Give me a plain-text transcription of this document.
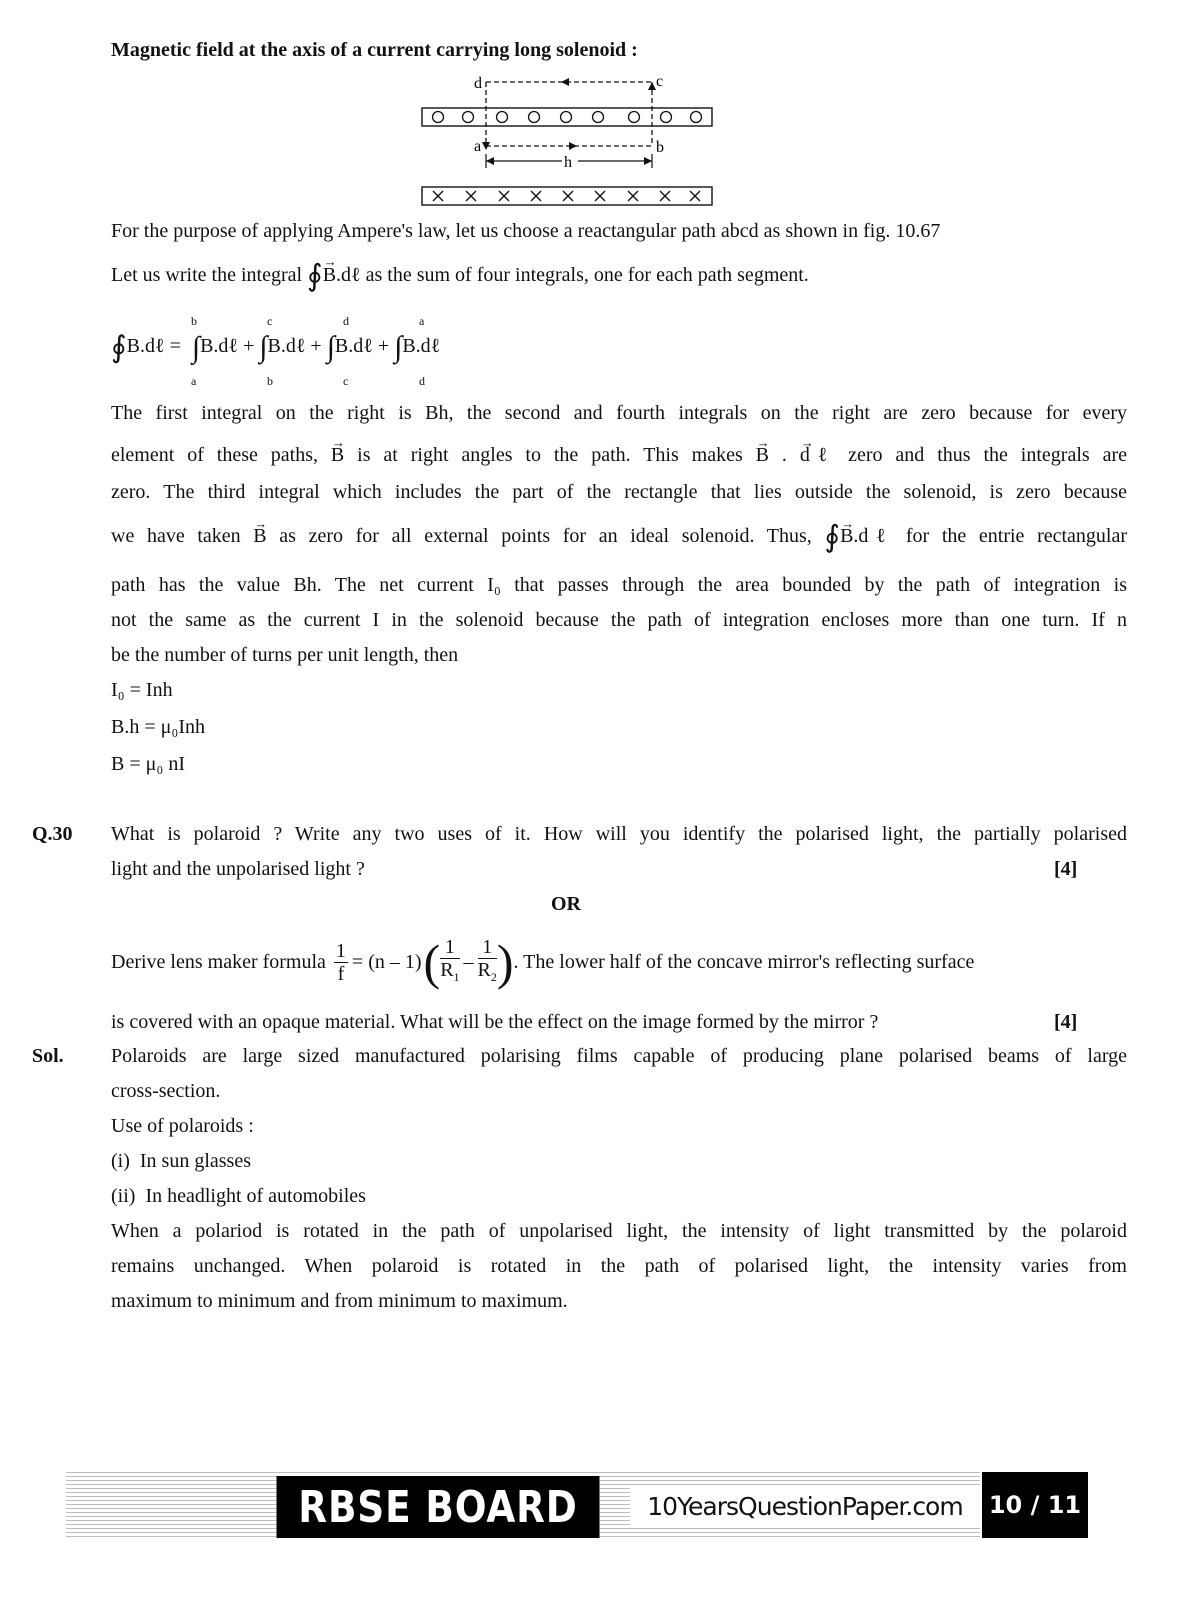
Magnetic field at the axis of a current carrying long solenoid :
d	c
a	b
h
For the purpose of applying Ampere's law, let us choose a reactangular path abcd as shown in fig. 10.67
Let us write the integral ∮→ B.dℓ as the sum of four integrals, one for each path segment.
∮B.dℓ = ∫B.dℓ + ∫B.dℓ + ∫B.dℓ + ∫B.dℓ
b
a
c
b
d
c
a
d
The first integral on the right is Bh, the second and fourth integrals on the right are zero because for every
element of these paths, → B is at right angles to the path. This makes → B . → dℓ zero and thus the integrals are
zero. The third integral which includes the part of the rectangle that lies outside the solenoid, is zero because
we have taken → B as zero for all external points for an ideal solenoid. Thus, ∮→ B.dℓ for the entrie rectangular
path has the value Bh. The net current I₀ that passes through the area bounded by the path of integration is
not the same as the current I in the solenoid because the path of integration encloses more than one turn. If n
be the number of turns per unit length, then
I₀ = Inh
B.h = μ₀Inh
B = μ₀ nI
Q.30 What is polaroid ? Write any two uses of it. How will you identify the polarised light, the partially polarised
light and the unpolarised light ?	[4]
OR
Derive lens maker formula $\frac{1}{f} = (n - 1)$ ( $\frac{1}{R_1} - \frac{1}{R_2}$ ) . The lower half of the concave mirror's reflecting surface
is covered with an opaque material. What will be the effect on the image formed by the mirror ?	[4]
Sol. Polaroids are large sized manufactured polarising films capable of producing plane polarised beams of large
cross-section.
Use of polaroids :
(i) In sun glasses
(ii) In headlight of automobiles
When a polariod is rotated in the path of unpolarised light, the intensity of light transmitted by the polaroid
remains unchanged. When polaroid is rotated in the path of polarised light, the intensity varies from
maximum to minimum and from minimum to maximum.
RBSE BOARD	10YearsQuestionPaper.com	10 / 11
